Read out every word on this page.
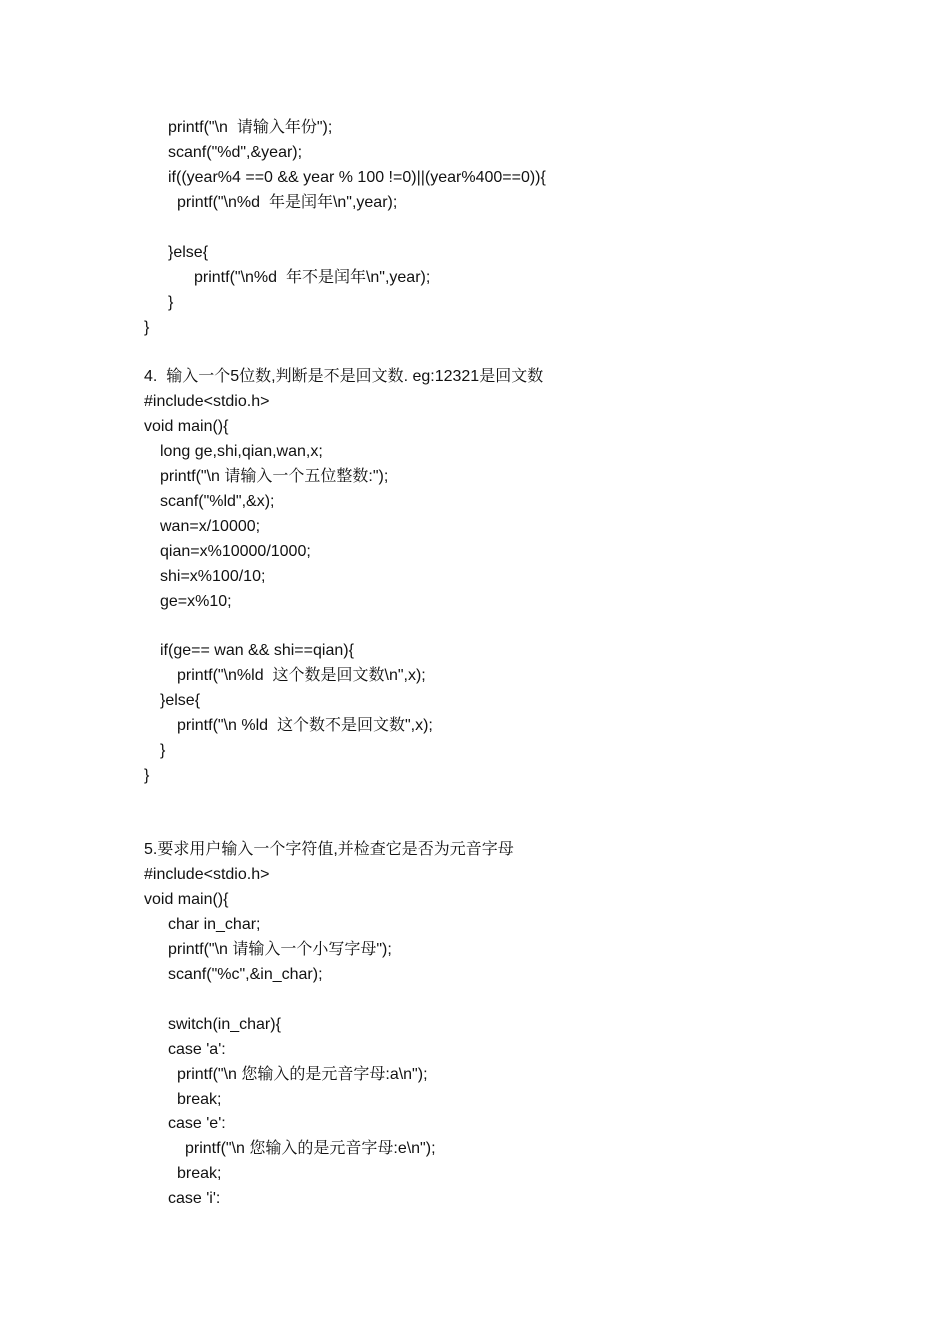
printf("\n  请输入年份");
scanf("%d",&year);
if((year%4 ==0 && year % 100 !=0)||(year%400==0)){
printf("\n%d  年是闰年\n",year);
}else{
printf("\n%d  年不是闰年\n",year);
}
}
4.  输入一个5位数,判断是不是回文数. eg:12321是回文数
#include<stdio.h>
void main(){
long ge,shi,qian,wan,x;
printf("\n 请输入一个五位整数:");
scanf("%ld",&x);
wan=x/10000;
qian=x%10000/1000;
shi=x%100/10;
ge=x%10;
if(ge== wan && shi==qian){
printf("\n%ld  这个数是回文数\n",x);
}else{
printf("\n %ld  这个数不是回文数",x);
}
}
5.要求用户输入一个字符值,并检查它是否为元音字母
#include<stdio.h>
void main(){
char in_char;
printf("\n 请输入一个小写字母");
scanf("%c",&in_char);
switch(in_char){
case 'a':
printf("\n 您输入的是元音字母:a\n");
break;
case 'e':
printf("\n 您输入的是元音字母:e\n");
break;
case 'i':
